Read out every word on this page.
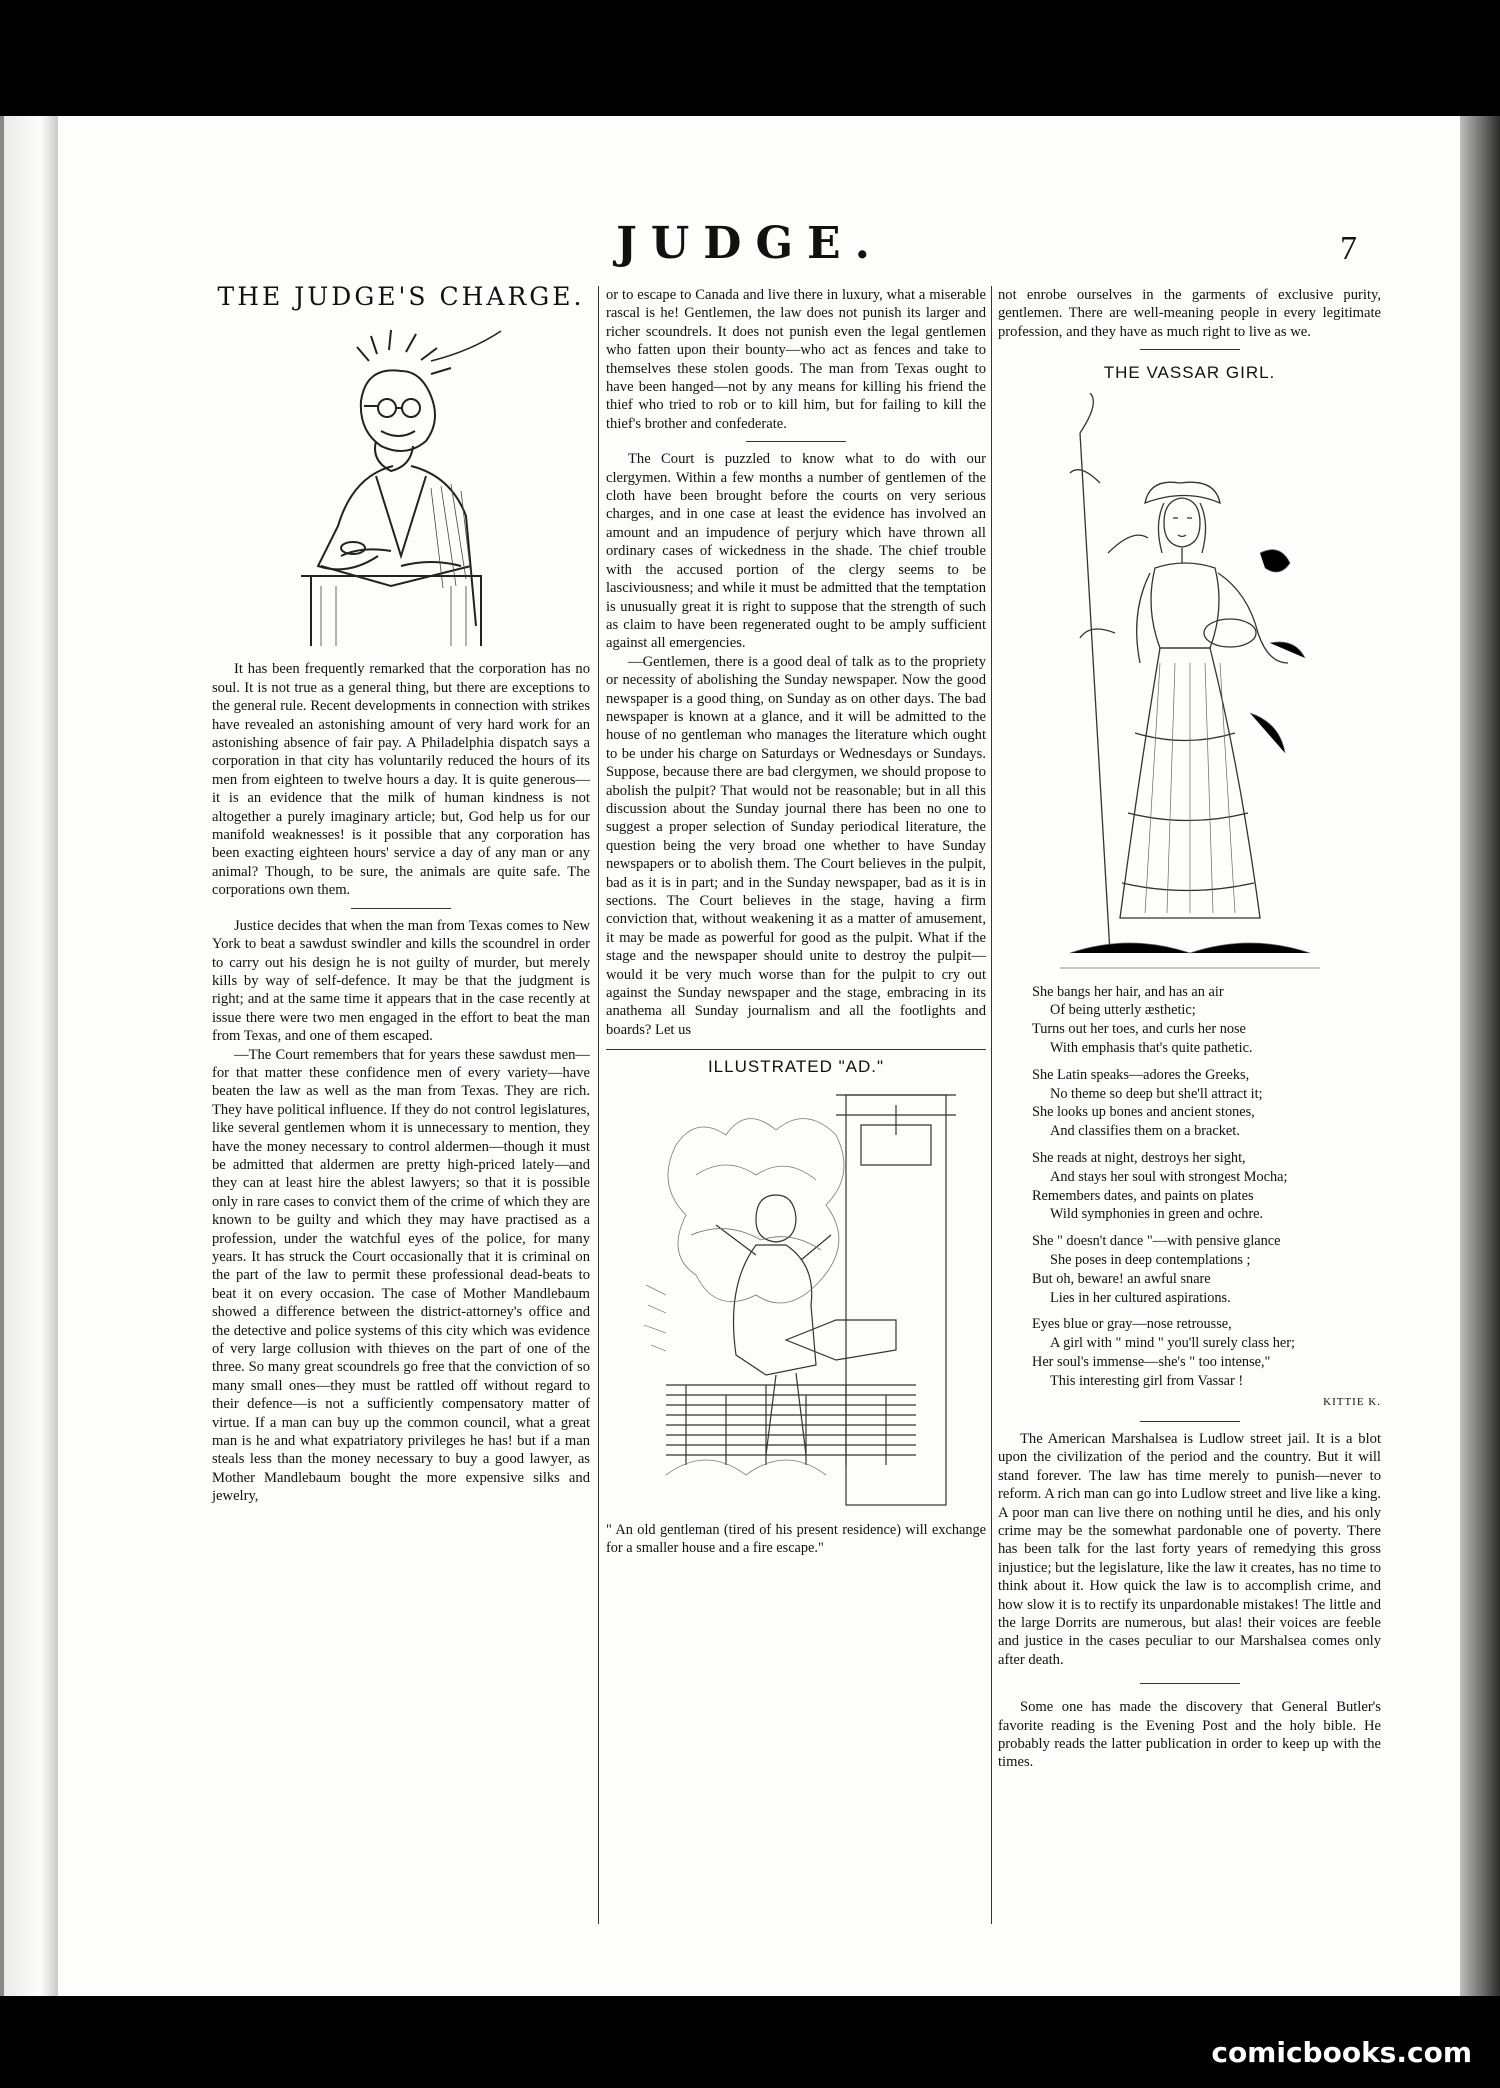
JUDGE.	7
THE JUDGE'S CHARGE.

It has been frequently remarked that the corporation has no soul. It is not true as a general thing, but there are exceptions to the general rule. Recent developments in connection with strikes have revealed an astonishing amount of very hard work for an astonishing absence of fair pay. A Philadelphia dispatch says a corporation in that city has voluntarily reduced the hours of its men from eighteen to twelve hours a day. It is quite generous—it is an evidence that the milk of human kindness is not altogether a purely imaginary article; but, God help us for our manifold weaknesses! is it possible that any corporation has been exacting eighteen hours' service a day of any man or any animal? Though, to be sure, the animals are quite safe. The corporations own them.

Justice decides that when the man from Texas comes to New York to beat a sawdust swindler and kills the scoundrel in order to carry out his design he is not guilty of murder, but merely kills by way of self-defence. It may be that the judgment is right; and at the same time it appears that in the case recently at issue there were two men engaged in the effort to beat the man from Texas, and one of them escaped.

—The Court remembers that for years these sawdust men—for that matter these confidence men of every variety—have beaten the law as well as the man from Texas. They are rich. They have political influence. If they do not control legislatures, like several gentlemen whom it is unnecessary to mention, they have the money necessary to control aldermen—though it must be admitted that aldermen are pretty high-priced lately—and they can at least hire the ablest lawyers; so that it is possible only in rare cases to convict them of the crime of which they are known to be guilty and which they may have practised as a profession, under the watchful eyes of the police, for many years. It has struck the Court occasionally that it is criminal on the part of the law to permit these professional dead-beats to beat it on every occasion. The case of Mother Mandlebaum showed a difference between the district-attorney's office and the detective and police systems of this city which was evidence of very large collusion with thieves on the part of one of the three. So many great scoundrels go free that the conviction of so many small ones—they must be rattled off without regard to their defence—is not a sufficiently compensatory matter of virtue. If a man can buy up the common council, what a great man is he and what expatriatory privileges he has! but if a man steals less than the money necessary to buy a good lawyer, as Mother Mandlebaum bought the more expensive silks and jewelry,

or to escape to Canada and live there in luxury, what a miserable rascal is he! Gentlemen, the law does not punish its larger and richer scoundrels. It does not punish even the legal gentlemen who fatten upon their bounty—who act as fences and take to themselves these stolen goods. The man from Texas ought to have been hanged—not by any means for killing his friend the thief who tried to rob or to kill him, but for failing to kill the thief's brother and confederate.

The Court is puzzled to know what to do with our clergymen. Within a few months a number of gentlemen of the cloth have been brought before the courts on very serious charges, and in one case at least the evidence has involved an amount and an impudence of perjury which have thrown all ordinary cases of wickedness in the shade. The chief trouble with the accused portion of the clergy seems to be lasciviousness; and while it must be admitted that the temptation is unusually great it is right to suppose that the strength of such as claim to have been regenerated ought to be amply sufficient against all emergencies.

—Gentlemen, there is a good deal of talk as to the propriety or necessity of abolishing the Sunday newspaper. Now the good newspaper is a good thing, on Sunday as on other days. The bad newspaper is known at a glance, and it will be admitted to the house of no gentleman who manages the literature which ought to be under his charge on Saturdays or Wednesdays or Sundays. Suppose, because there are bad clergymen, we should propose to abolish the pulpit? That would not be reasonable; but in all this discussion about the Sunday journal there has been no one to suggest a proper selection of Sunday periodical literature, the question being the very broad one whether to have Sunday newspapers or to abolish them. The Court believes in the pulpit, bad as it is in part; and in the Sunday newspaper, bad as it is in sections. The Court believes in the stage, having a firm conviction that, without weakening it as a matter of amusement, it may be made as powerful for good as the pulpit. What if the stage and the newspaper should unite to destroy the pulpit—would it be very much worse than for the pulpit to cry out against the Sunday newspaper and the stage, embracing in its anathema all Sunday journalism and all the footlights and boards? Let us

ILLUSTRATED "AD."
" An old gentleman (tired of his present residence) will exchange for a smaller house and a fire escape."

not enrobe ourselves in the garments of exclusive purity, gentlemen. There are well-meaning people in every legitimate profession, and they have as much right to live as we.

THE VASSAR GIRL.
She bangs her hair, and has an air
Of being utterly æsthetic;
Turns out her toes, and curls her nose
With emphasis that's quite pathetic.
She Latin speaks—adores the Greeks,
No theme so deep but she'll attract it;
She looks up bones and ancient stones,
And classifies them on a bracket.
She reads at night, destroys her sight,
And stays her soul with strongest Mocha;
Remembers dates, and paints on plates
Wild symphonies in green and ochre.
She " doesn't dance "—with pensive glance
She poses in deep contemplations ;
But oh, beware! an awful snare
Lies in her cultured aspirations.
Eyes blue or gray—nose retrousse,
A girl with " mind " you'll surely class her;
Her soul's immense—she's " too intense,"
This interesting girl from Vassar !
KITTIE K.

The American Marshalsea is Ludlow street jail. It is a blot upon the civilization of the period and the country. But it will stand forever. The law has time merely to punish—never to reform. A rich man can go into Ludlow street and live like a king. A poor man can live there on nothing until he dies, and his only crime may be the somewhat pardonable one of poverty. There has been talk for the last forty years of remedying this gross injustice; but the legislature, like the law it creates, has no time to think about it. How quick the law is to accomplish crime, and how slow it is to rectify its unpardonable mistakes! The little and the large Dorrits are numerous, but alas! their voices are feeble and justice in the cases peculiar to our Marshalsea comes only after death.

Some one has made the discovery that General Butler's favorite reading is the Evening Post and the holy bible. He probably reads the latter publication in order to keep up with the times.

comicbooks.com
